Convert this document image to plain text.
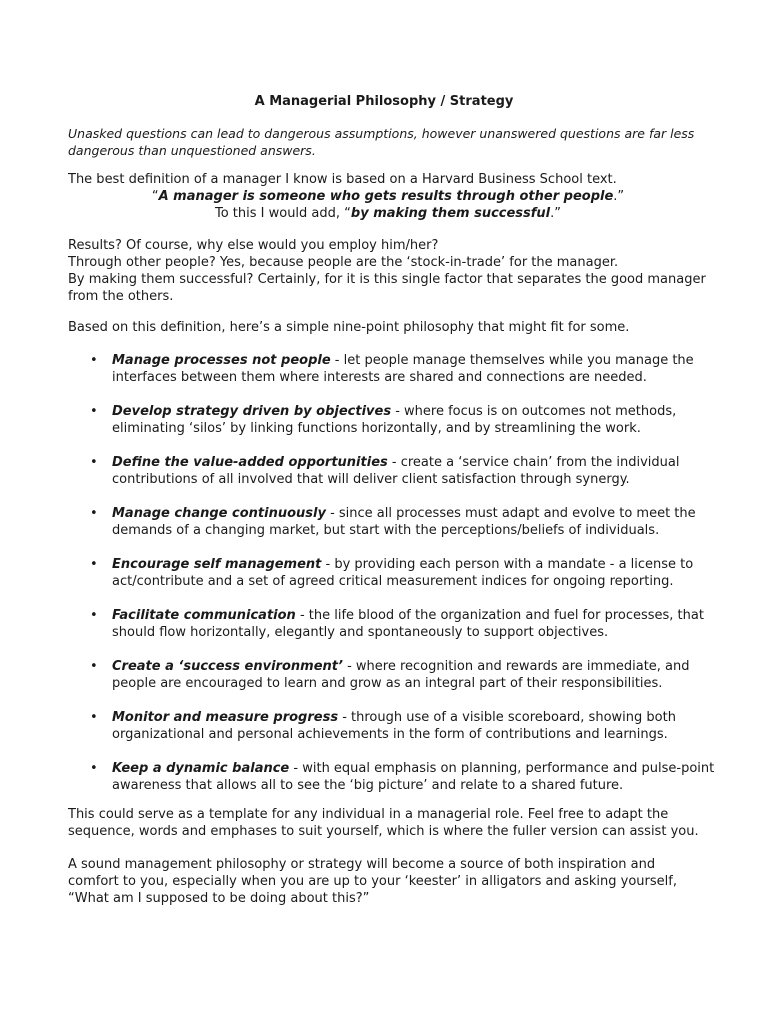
A Managerial Philosophy / Strategy

Unasked questions can lead to dangerous assumptions, however unanswered questions are far less dangerous than unquestioned answers.

The best definition of a manager I know is based on a Harvard Business School text.
“A manager is someone who gets results through other people.”
To this I would add, “by making them successful.”
Results? Of course, why else would you employ him/her?
Through other people? Yes, because people are the ‘stock-in-trade’ for the manager.
By making them successful? Certainly, for it is this single factor that separates the good manager from the others.

Based on this definition, here’s a simple nine-point philosophy that might fit for some.

• Manage processes not people - let people manage themselves while you manage the interfaces between them where interests are shared and connections are needed.
• Develop strategy driven by objectives - where focus is on outcomes not methods, eliminating ‘silos’ by linking functions horizontally, and by streamlining the work.
• Define the value-added opportunities - create a ‘service chain’ from the individual contributions of all involved that will deliver client satisfaction through synergy.
• Manage change continuously - since all processes must adapt and evolve to meet the demands of a changing market, but start with the perceptions/beliefs of individuals.
• Encourage self management - by providing each person with a mandate - a license to act/contribute and a set of agreed critical measurement indices for ongoing reporting.
• Facilitate communication - the life blood of the organization and fuel for processes, that should flow horizontally, elegantly and spontaneously to support objectives.
• Create a ‘success environment’ - where recognition and rewards are immediate, and people are encouraged to learn and grow as an integral part of their responsibilities.
• Monitor and measure progress - through use of a visible scoreboard, showing both organizational and personal achievements in the form of contributions and learnings.
• Keep a dynamic balance - with equal emphasis on planning, performance and pulse-point awareness that allows all to see the ‘big picture’ and relate to a shared future.

This could serve as a template for any individual in a managerial role. Feel free to adapt the sequence, words and emphases to suit yourself, which is where the fuller version can assist you.

A sound management philosophy or strategy will become a source of both inspiration and comfort to you, especially when you are up to your ‘keester’ in alligators and asking yourself, “What am I supposed to be doing about this?”
